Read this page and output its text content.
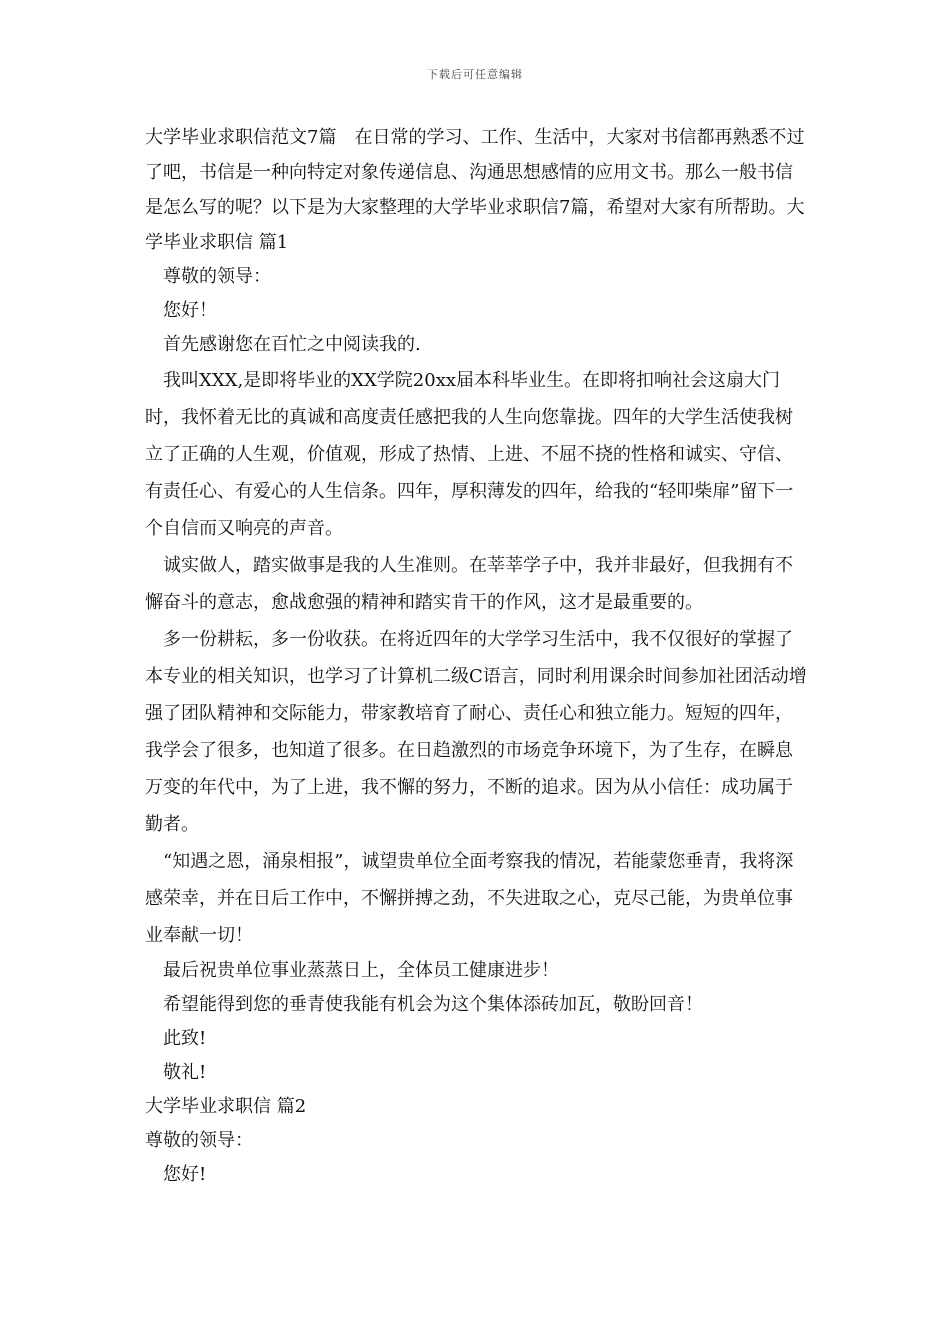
下载后可任意编辑

大学毕业求职信范文7篇　在日常的学习、工作、生活中，大家对书信都再熟悉不过了吧，书信是一种向特定对象传递信息、沟通思想感情的应用文书。那么一般书信是怎么写的呢？以下是为大家整理的大学毕业求职信7篇，希望对大家有所帮助。大学毕业求职信 篇1

尊敬的领导：

您好！

首先感谢您在百忙之中阅读我的.

我叫XXX,是即将毕业的XX学院20xx届本科毕业生。在即将扣响社会这扇大门时，我怀着无比的真诚和高度责任感把我的人生向您靠拢。四年的大学生活使我树立了正确的人生观，价值观，形成了热情、上进、不屈不挠的性格和诚实、守信、有责任心、有爱心的人生信条。四年，厚积薄发的四年，给我的“轻叩柴扉”留下一个自信而又响亮的声音。

诚实做人，踏实做事是我的人生准则。在莘莘学子中，我并非最好，但我拥有不懈奋斗的意志，愈战愈强的精神和踏实肯干的作风，这才是最重要的。

多一份耕耘，多一份收获。在将近四年的大学学习生活中，我不仅很好的掌握了本专业的相关知识，也学习了计算机二级C语言，同时利用课余时间参加社团活动增强了团队精神和交际能力，带家教培育了耐心、责任心和独立能力。短短的四年，我学会了很多，也知道了很多。在日趋激烈的市场竞争环境下，为了生存，在瞬息万变的年代中，为了上进，我不懈的努力，不断的追求。因为从小信任：成功属于勤者。

“知遇之恩，涌泉相报”，诚望贵单位全面考察我的情况，若能蒙您垂青，我将深感荣幸，并在日后工作中，不懈拼搏之劲，不失进取之心，克尽己能，为贵单位事业奉献一切！

最后祝贵单位事业蒸蒸日上，全体员工健康进步！

希望能得到您的垂青使我能有机会为这个集体添砖加瓦，敬盼回音！

此致!

敬礼!

大学毕业求职信 篇2

尊敬的领导：

您好!
